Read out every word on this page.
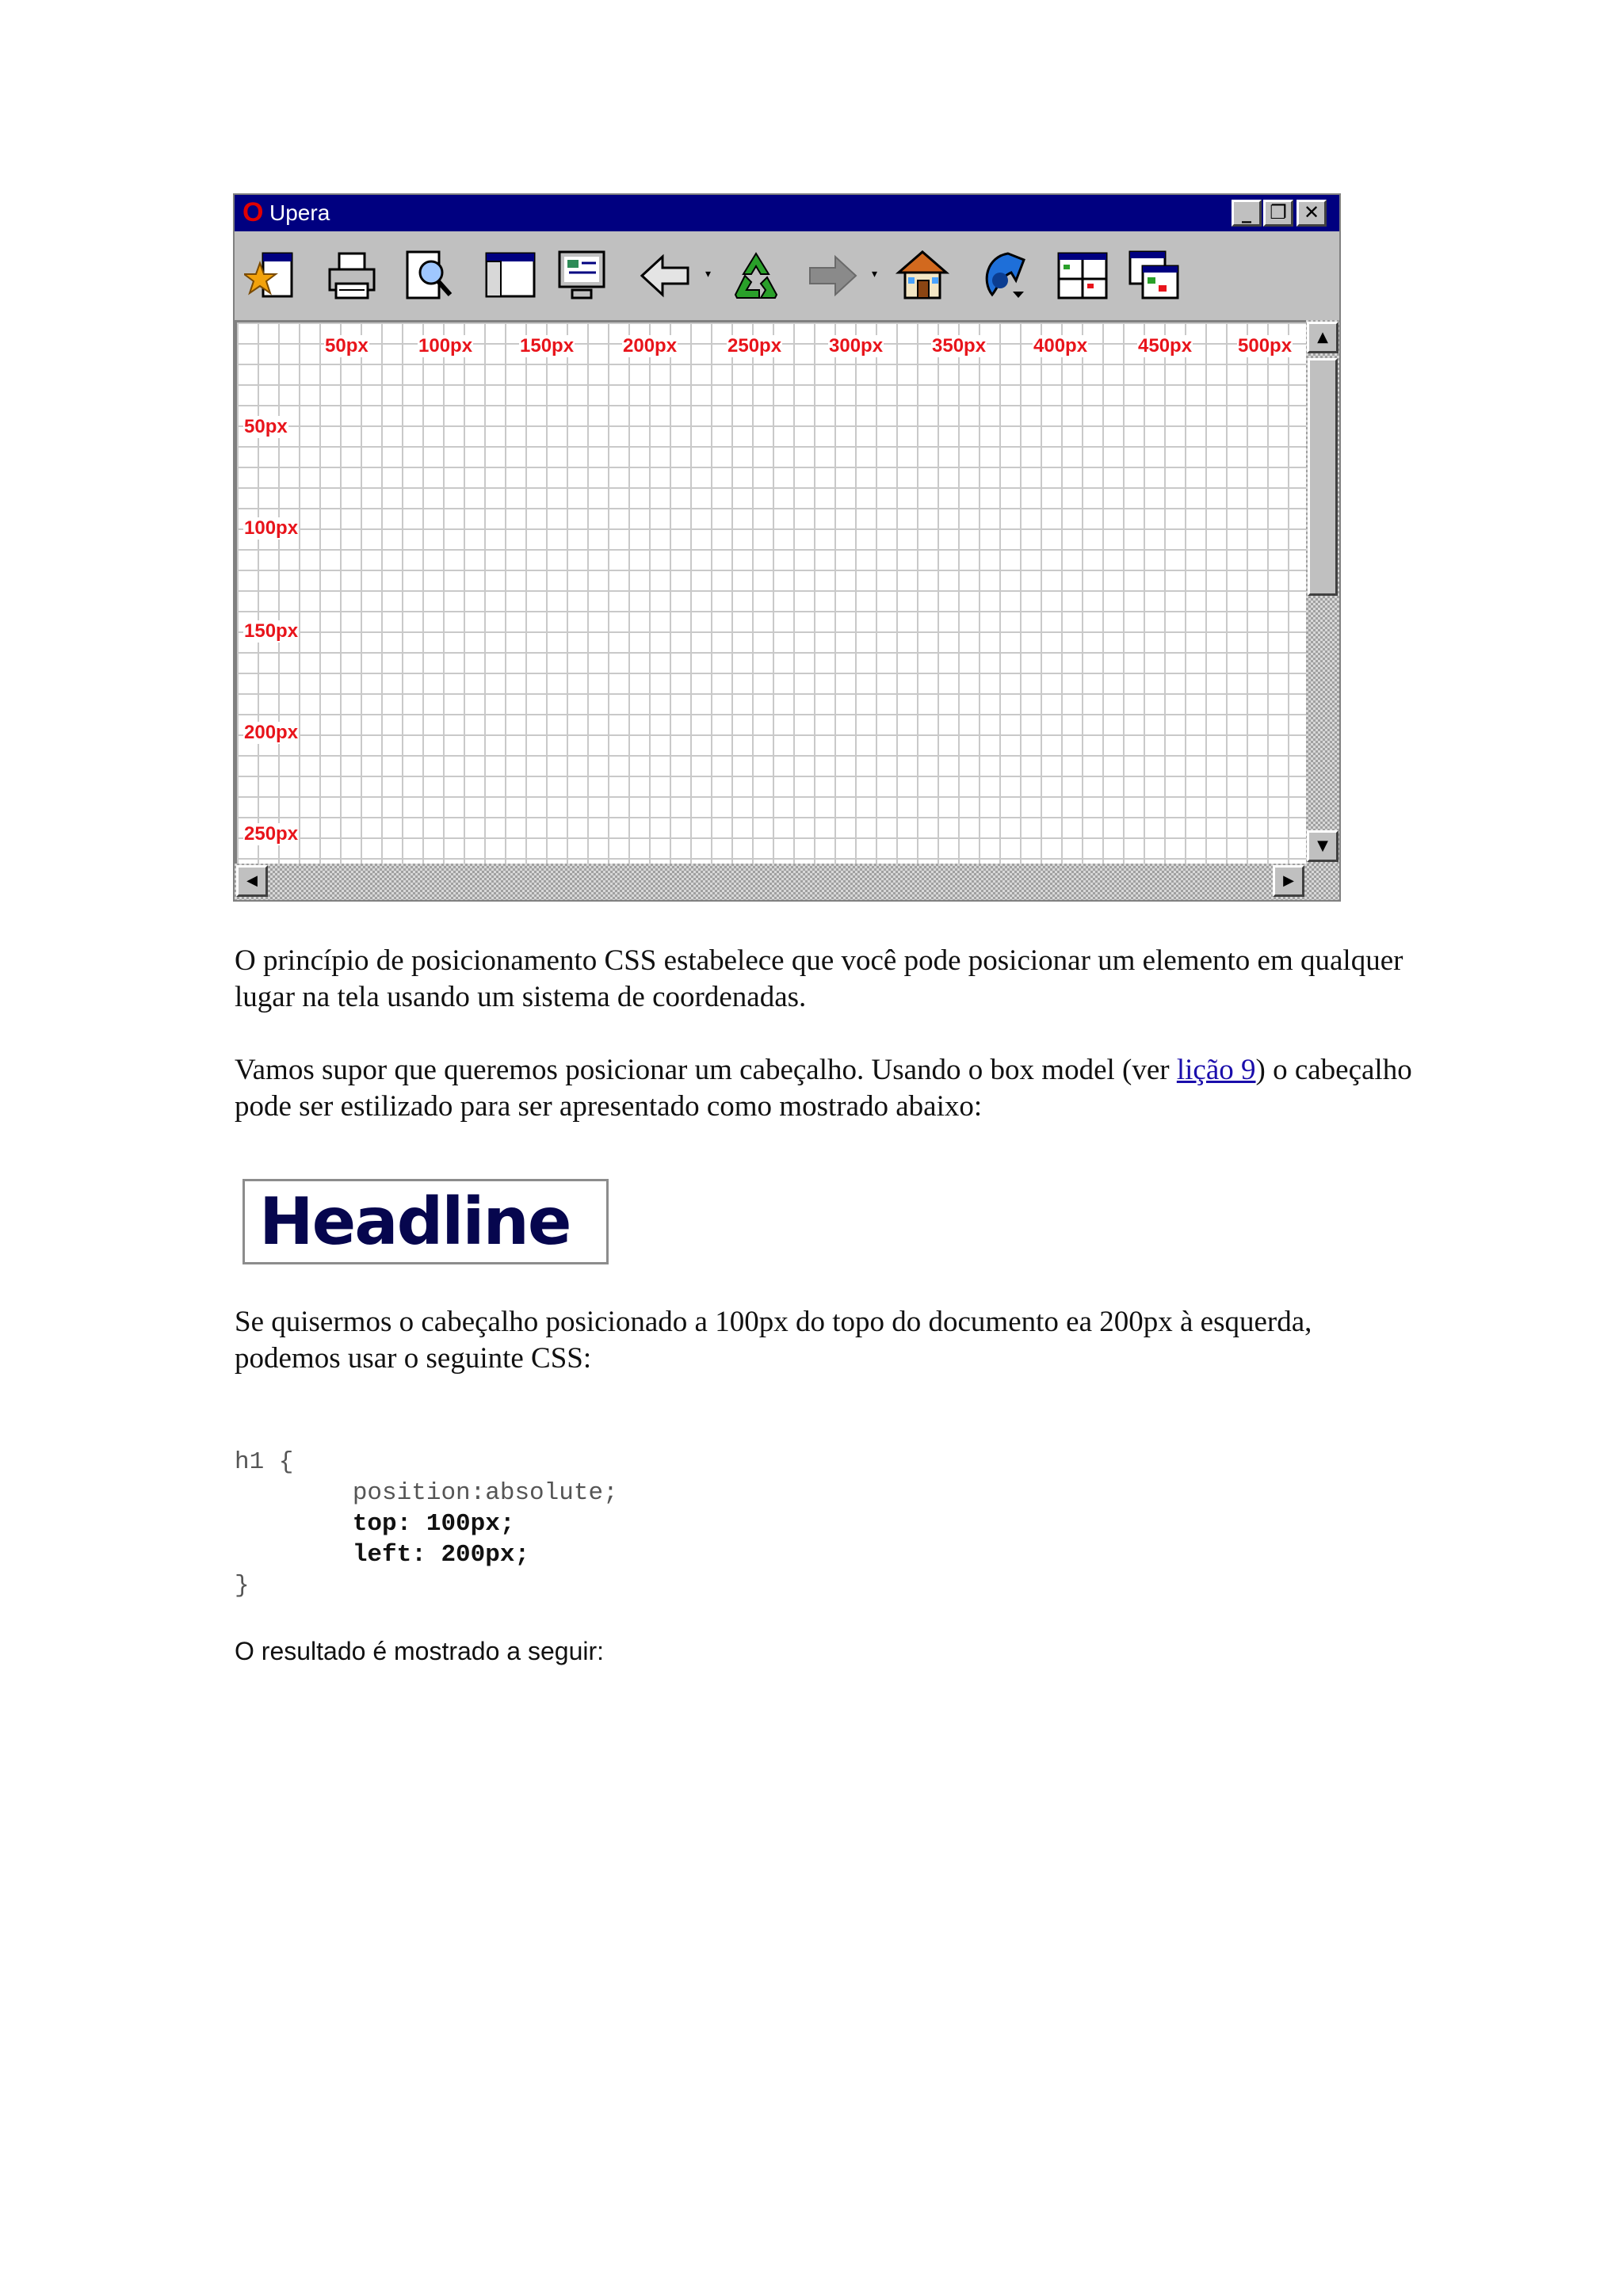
O Upera	_ ❐ ✕
▾	▾
50px	100px 150px	200px	250px 300px	350px 400px	450px 500px
50px
100px
150px
200px
250px
▲
▼
◀	▶

O princípio de posicionamento CSS estabelece que você pode posicionar um elemento em qualquer lugar na tela usando um sistema de coordenadas.

Vamos supor que queremos posicionar um cabeçalho. Usando o box model (ver lição 9) o cabeçalho pode ser estilizado para ser apresentado como mostrado abaixo:

Headline

Se quisermos o cabeçalho posicionado a 100px do topo do documento ea 200px à esquerda, podemos usar o seguinte CSS:

h1 {
position:absolute;
top: 100px;
left: 200px;
}
O resultado é mostrado a seguir:
